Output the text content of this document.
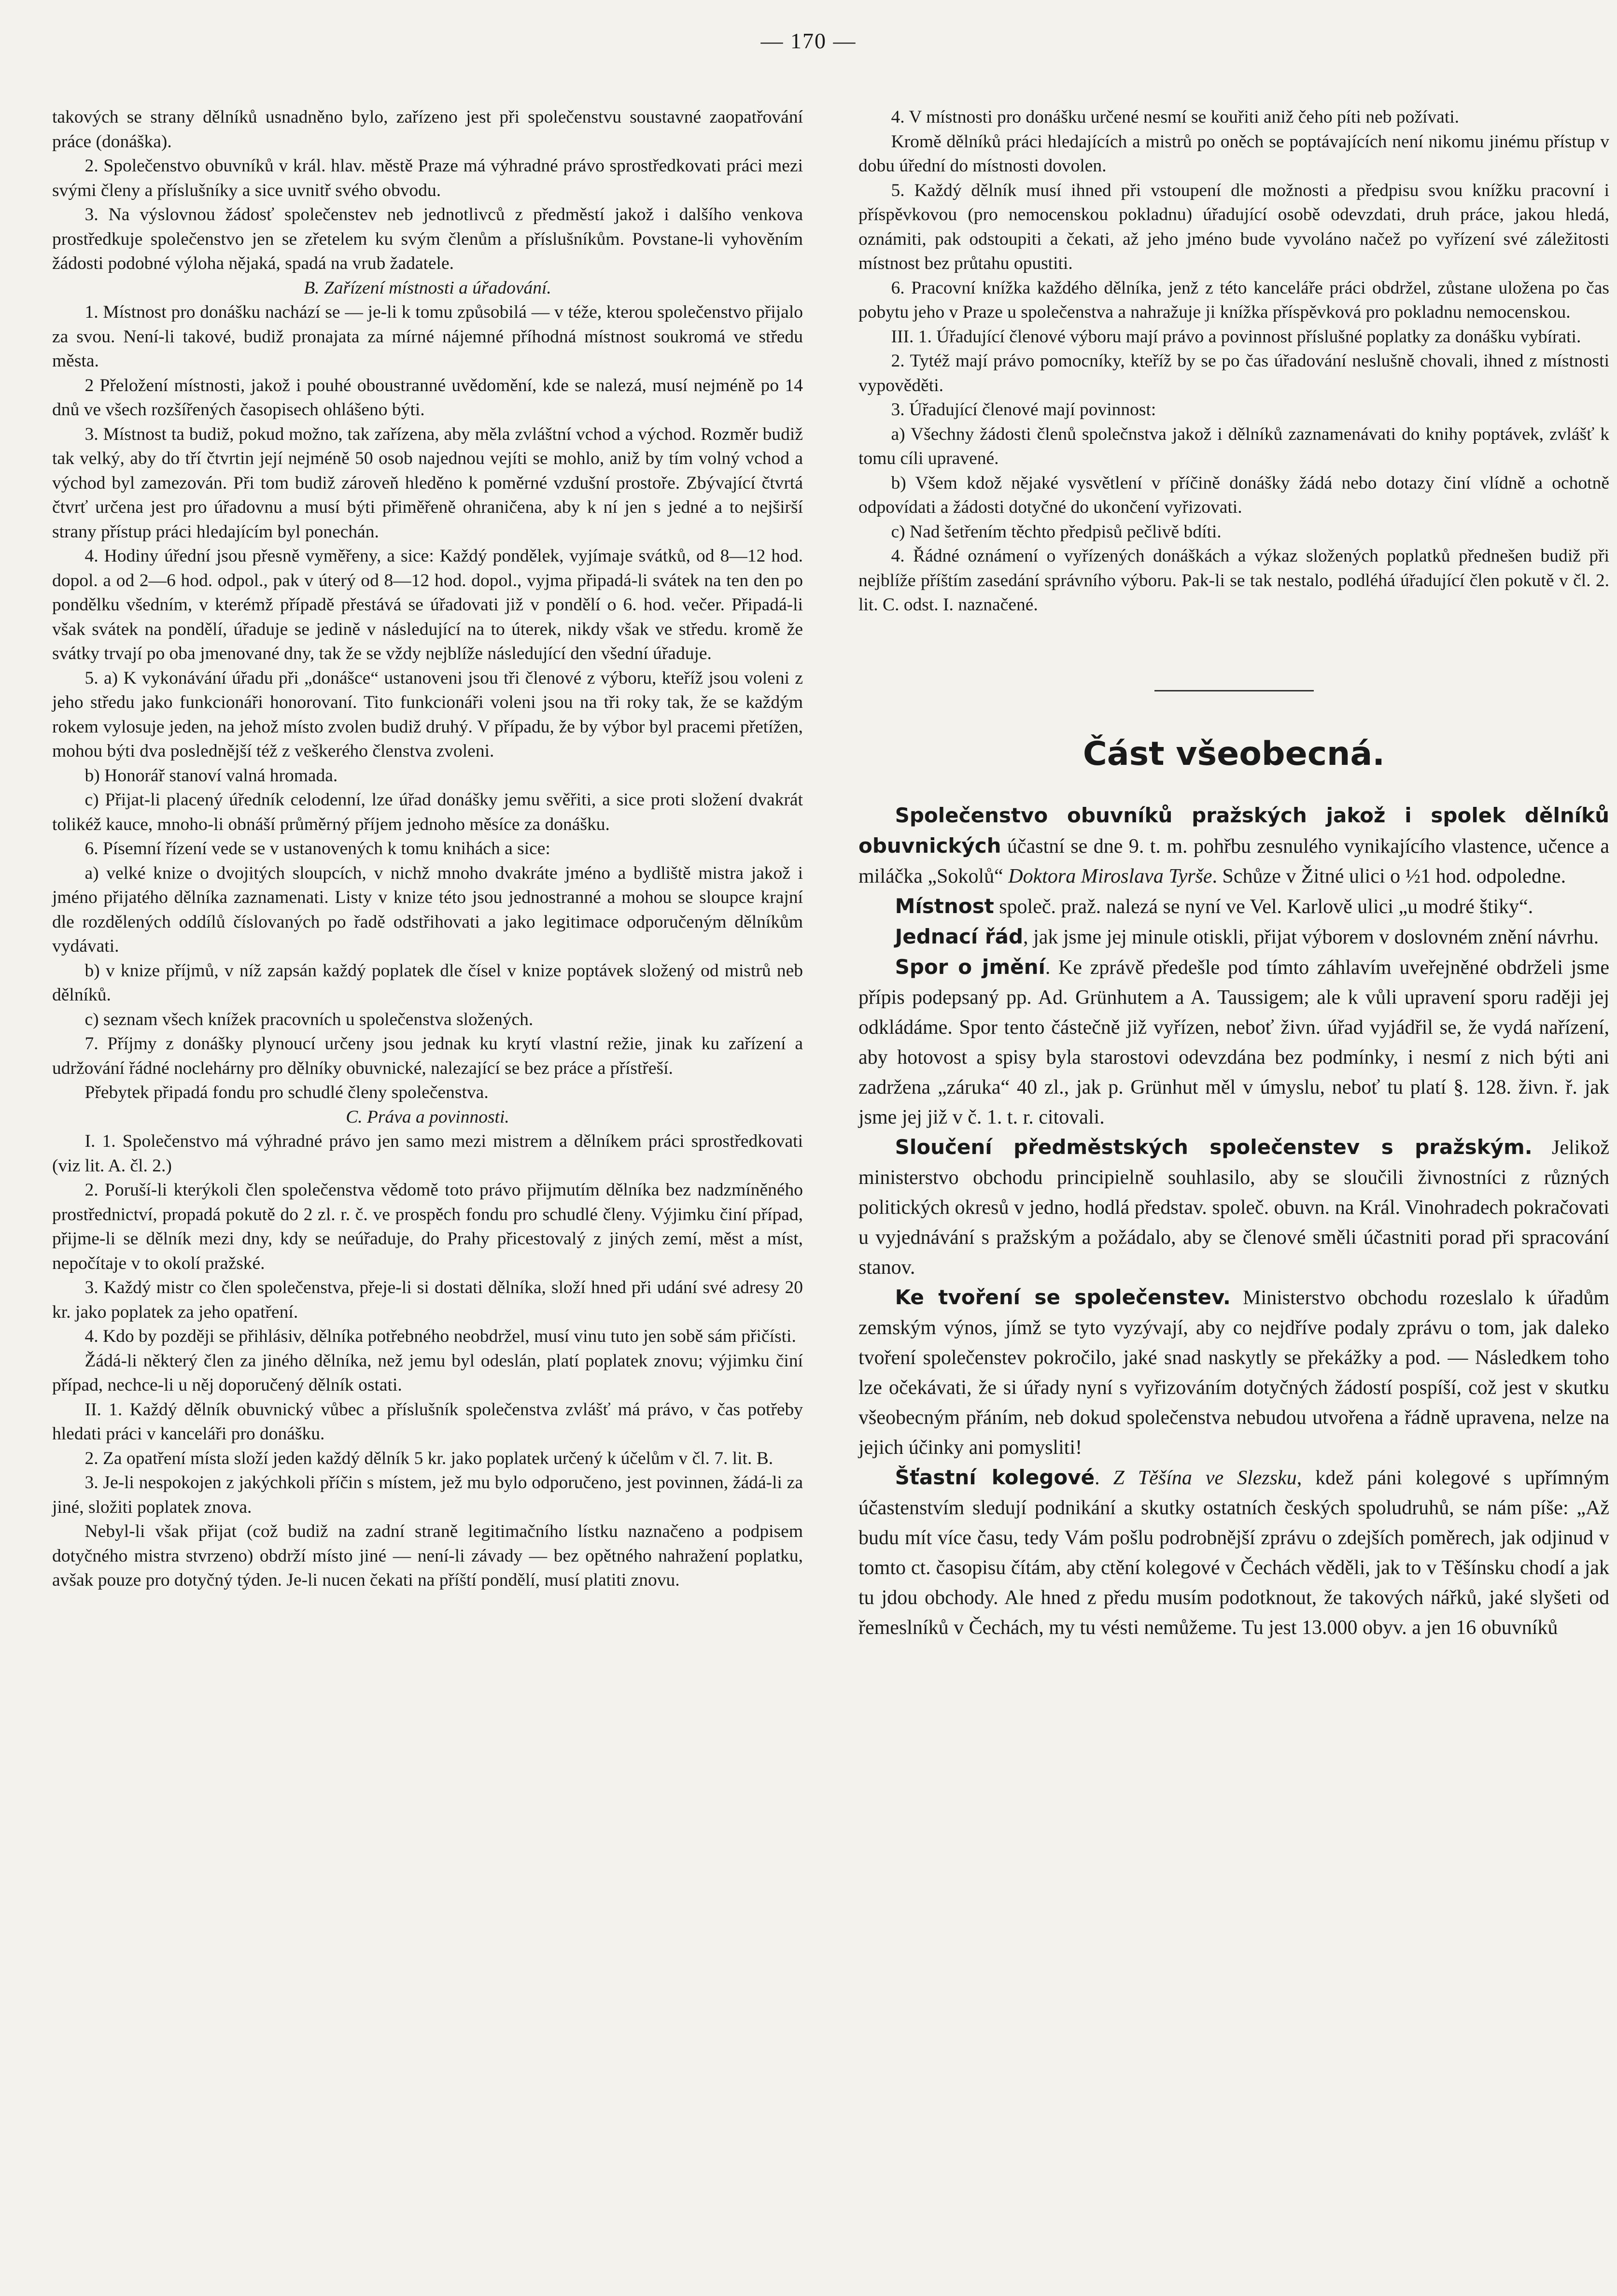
— 170 —

takových se strany dělníků usnadněno bylo, zařízeno jest při společenstvu soustavné zaopatřování práce (donáška).

2. Společenstvo obuvníků v král. hlav. městě Praze má výhradné právo sprostředkovati práci mezi svými členy a příslušníky a sice uvnitř svého obvodu.

3. Na výslovnou žádosť společenstev neb jednotlivců z předměstí jakož i dalšího venkova prostředkuje společenstvo jen se zřetelem ku svým členům a příslušníkům. Povstane-li vyhověním žádosti podobné výloha nějaká, spadá na vrub žadatele.

B. Zařízení místnosti a úřadování.

1. Místnost pro donášku nachází se — je-li k tomu způsobilá — v téže, kterou společenstvo přijalo za svou. Není-li takové, budiž pronajata za mírné nájemné příhodná místnost soukromá ve středu města.

2 Přeložení místnosti, jakož i pouhé oboustranné uvědomění, kde se nalezá, musí nejméně po 14 dnů ve všech rozšířených časopisech ohlášeno býti.

3. Místnost ta budiž, pokud možno, tak zařízena, aby měla zvláštní vchod a východ. Rozměr budiž tak velký, aby do tří čtvrtin její nejméně 50 osob najednou vejíti se mohlo, aniž by tím volný vchod a východ byl zamezován. Při tom budiž zároveň hleděno k poměrné vzdušní prostoře. Zbývající čtvrtá čtvrť určena jest pro úřadovnu a musí býti přiměřeně ohraničena, aby k ní jen s jedné a to nejširší strany přístup práci hledajícím byl ponechán.

4. Hodiny úřední jsou přesně vyměřeny, a sice: Každý pondělek, vyjímaje svátků, od 8—12 hod. dopol. a od 2—6 hod. odpol., pak v úterý od 8—12 hod. dopol., vyjma připadá-li svátek na ten den po pondělku všedním, v kterémž případě přestává se úřadovati již v pondělí o 6. hod. večer. Připadá-li však svátek na pondělí, úřaduje se jedině v následující na to úterek, nikdy však ve středu. kromě že svátky trvají po oba jmenované dny, tak že se vždy nejblíže následující den všední úřaduje.

5. a) K vykonávání úřadu při „donášce“ ustanoveni jsou tři členové z výboru, kteříž jsou voleni z jeho středu jako funkcionáři honorovaní. Tito funkcionáři voleni jsou na tři roky tak, že se každým rokem vylosuje jeden, na jehož místo zvolen budiž druhý. V případu, že by výbor byl pracemi přetížen, mohou býti dva poslednější též z veškerého členstva zvoleni.

b) Honorář stanoví valná hromada.

c) Přijat-li placený úředník celodenní, lze úřad donášky jemu svěřiti, a sice proti složení dvakrát tolikéž kauce, mnoho-li obnáší průměrný příjem jednoho měsíce za donášku.

6. Písemní řízení vede se v ustanovených k tomu knihách a sice:

a) velké knize o dvojitých sloupcích, v nichž mnoho dvakráte jméno a bydliště mistra jakož i jméno přijatého dělníka zaznamenati. Listy v knize této jsou jednostranné a mohou se sloupce krajní dle rozdělených oddílů číslovaných po řadě odstřihovati a jako legitimace odporučeným dělníkům vydávati.

b) v knize příjmů, v níž zapsán každý poplatek dle čísel v knize poptávek složený od mistrů neb dělníků.

c) seznam všech knížek pracovních u společenstva složených.

7. Příjmy z donášky plynoucí určeny jsou jednak ku krytí vlastní režie, jinak ku zařízení a udržování řádné noclehárny pro dělníky obuvnické, nalezající se bez práce a přístřeší.

Přebytek připadá fondu pro schudlé členy společenstva.

C. Práva a povinnosti.

I. 1. Společenstvo má výhradné právo jen samo mezi mistrem a dělníkem práci sprostředkovati (viz lit. A. čl. 2.)

2. Poruší-li kterýkoli člen společenstva vědomě toto právo přijmutím dělníka bez nadzmíněného prostřednictví, propadá pokutě do 2 zl. r. č. ve prospěch fondu pro schudlé členy. Výjimku činí případ, přijme-li se dělník mezi dny, kdy se neúřaduje, do Prahy přicestovalý z jiných zemí, měst a míst, nepočítaje v to okolí pražské.

3. Každý mistr co člen společenstva, přeje-li si dostati dělníka, složí hned při udání své adresy 20 kr. jako poplatek za jeho opatření.

4. Kdo by později se přihlásiv, dělníka potřebného neobdržel, musí vinu tuto jen sobě sám přičísti.

Žádá-li některý člen za jiného dělníka, než jemu byl odeslán, platí poplatek znovu; výjimku činí případ, nechce-li u něj doporučený dělník ostati.

II. 1. Každý dělník obuvnický vůbec a příslušník společenstva zvlášť má právo, v čas potřeby hledati práci v kanceláři pro donášku.

2. Za opatření místa složí jeden každý dělník 5 kr. jako poplatek určený k účelům v čl. 7. lit. B.

3. Je-li nespokojen z jakýchkoli příčin s místem, jež mu bylo odporučeno, jest povinnen, žádá-li za jiné, složiti poplatek znova.

Nebyl-li však přijat (což budiž na zadní straně legitimačního lístku naznačeno a podpisem dotyčného mistra stvrzeno) obdrží místo jiné — není-li závady — bez opětného nahražení poplatku, avšak pouze pro dotyčný týden. Je-li nucen čekati na příští pondělí, musí platiti znovu.

4. V místnosti pro donášku určené nesmí se kouřiti aniž čeho píti neb požívati.

Kromě dělníků práci hledajících a mistrů po oněch se poptávajících není nikomu jinému přístup v dobu úřední do místnosti dovolen.

5. Každý dělník musí ihned při vstoupení dle možnosti a předpisu svou knížku pracovní i příspěvkovou (pro nemocenskou pokladnu) úřadující osobě odevzdati, druh práce, jakou hledá, oznámiti, pak odstoupiti a čekati, až jeho jméno bude vyvoláno načež po vyřízení své záležitosti místnost bez průtahu opustiti.

6. Pracovní knížka každého dělníka, jenž z této kanceláře práci obdržel, zůstane uložena po čas pobytu jeho v Praze u společenstva a nahražuje ji knížka příspěvková pro pokladnu nemocenskou.

III. 1. Úřadující členové výboru mají právo a povinnost příslušné poplatky za donášku vybírati.

2. Tytéž mají právo pomocníky, kteříž by se po čas úřadování neslušně chovali, ihned z místnosti vypověděti.

3. Úřadující členové mají povinnost:

a) Všechny žádosti členů společnstva jakož i dělníků zaznamenávati do knihy poptávek, zvlášť k tomu cíli upravené.

b) Všem kdož nějaké vysvětlení v příčině donášky žádá nebo dotazy činí vlídně a ochotně odpovídati a žádosti dotyčné do ukončení vyřizovati.

c) Nad šetřením těchto předpisů pečlivě bdíti.

4. Řádné oznámení o vyřízených donáškách a výkaz složených poplatků přednešen budiž při nejblíže příštím zasedání správního výboru. Pak-li se tak nestalo, podléhá úřadující člen pokutě v čl. 2. lit. C. odst. I. naznačené.

Část všeobecná.

Společenstvo obuvníků pražských jakož i spolek dělníků obuvnických účastní se dne 9. t. m. pohřbu zesnulého vynikajícího vlastence, učence a miláčka „Sokolů“ Doktora Miroslava Tyrše. Schůze v Žitné ulici o ½1 hod. odpoledne.

Místnost společ. praž. nalezá se nyní ve Vel. Karlově ulici „u modré štiky“.

Jednací řád, jak jsme jej minule otiskli, přijat výborem v doslovném znění návrhu.

Spor o jmění. Ke zprávě předešle pod tímto záhlavím uveřejněné obdrželi jsme přípis podepsaný pp. Ad. Grünhutem a A. Taussigem; ale k vůli upravení sporu raději jej odkládáme. Spor tento částečně již vyřízen, neboť živn. úřad vyjádřil se, že vydá nařízení, aby hotovost a spisy byla starostovi odevzdána bez podmínky, i nesmí z nich býti ani zadržena „záruka“ 40 zl., jak p. Grünhut měl v úmyslu, neboť tu platí §. 128. živn. ř. jak jsme jej již v č. 1. t. r. citovali.

Sloučení předměstských společenstev s pražským. Jelikož ministerstvo obchodu principielně souhlasilo, aby se sloučili živnostníci z různých politických okresů v jedno, hodlá představ. společ. obuvn. na Král. Vinohradech pokračovati u vyjednávání s pražským a požádalo, aby se členové směli účastniti porad při spracování stanov.

Ke tvoření se společenstev. Ministerstvo obchodu rozeslalo k úřadům zemským výnos, jímž se tyto vyzývají, aby co nejdříve podaly zprávu o tom, jak daleko tvoření společenstev pokročilo, jaké snad naskytly se překážky a pod. — Následkem toho lze očekávati, že si úřady nyní s vyřizováním dotyčných žádostí pospíší, což jest v skutku všeobecným přáním, neb dokud společenstva nebudou utvořena a řádně upravena, nelze na jejich účinky ani pomysliti!

Šťastní kolegové. Z Těšína ve Slezsku, kdež páni kolegové s upřímným účastenstvím sledují podnikání a skutky ostatních českých spoludruhů, se nám píše: „Až budu mít více času, tedy Vám pošlu podrobnější zprávu o zdejších poměrech, jak odjinud v tomto ct. časopisu čítám, aby ctění kolegové v Čechách věděli, jak to v Těšínsku chodí a jak tu jdou obchody. Ale hned z předu musím podotknout, že takových nářků, jaké slyšeti od řemeslníků v Čechách, my tu vésti nemůžeme. Tu jest 13.000 obyv. a jen 16 obuvníků
